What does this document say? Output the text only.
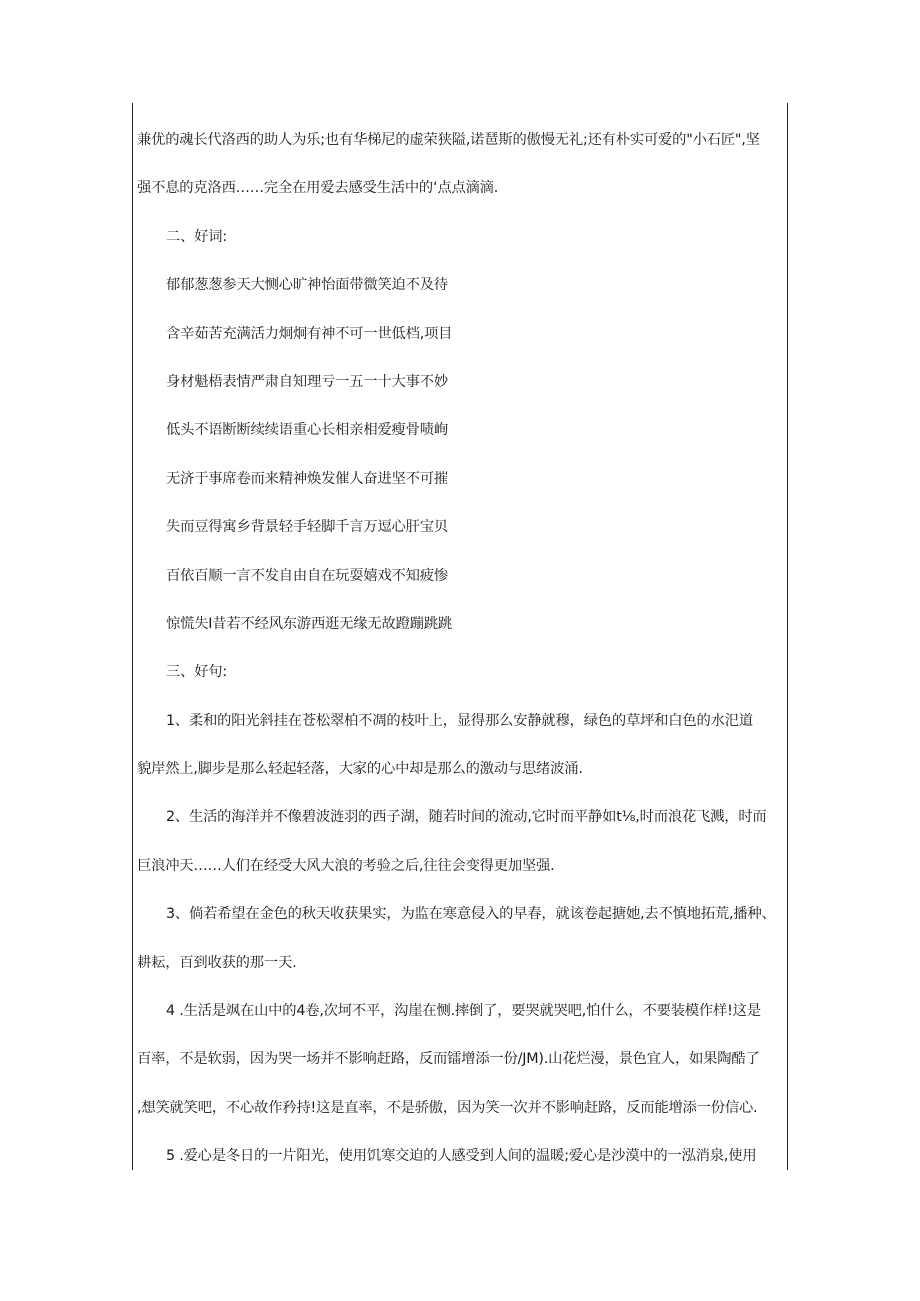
兼优的魂长代洛西的助人为乐;也有华梯尼的虚荣狭隘,诺琶斯的傲慢无礼;还有朴实可爱的"小石匠",坚
强不息的克洛西……完全在用爱去感受生活中的‘点点滴滴.
二、好词:
郁郁葱葱参天大恻心旷神怡面带微笑迫不及待
含辛茹苦充满活力炯炯有神不可一世低档,项目
身材魁梧表情严肃自知理亏一五一十大事不妙
低头不语断断续续语重心长相亲相爱瘦骨啧峋
无济于事席卷而来精神焕发催人奋进坚不可摧
失而豆得寓乡背景轻手轻脚千言万逗心肝宝贝
百依百顺一言不发自由自在玩耍嬉戏不知疲惨
惊慌失I昔若不经风东游西逛无缘无故蹬蹦跳跳
三、好句:
1、柔和的阳光斜挂在苍松翠柏不凋的枝叶上，显得那么安静就穆，绿色的草坪和白色的水汜道
貌岸然上,脚步是那么轻起轻落，大家的心中却是那么的激动与思绪波涌.
2、生活的海洋并不像碧波涟羽的西子湖，随若时间的流动,它时而平静如t⅛,时而浪花飞溅，时而
巨浪冲天……人们在经受大风大浪的考验之后,往往会变得更加坚强.
3、倘若希望在金色的秋天收获果实，为监在寒意侵入的早春，就该卷起搪她,去不慎地拓荒,播种、
耕耘，百到收获的那一天.
4 .生活是飒在山中的4卷,次坷不平，沟崖在恻.摔倒了，要哭就哭吧,怕什么，不要装模作样!这是
百率，不是软弱，因为哭一场并不影响赶路，反而镭增添一份/JM).山花烂漫，景色宜人，如果陶酷了
,想笑就笑吧，不心故作矜持!这是直率，不是骄傲，因为笑一次并不影响赶路，反而能增添一份信心.
5 .爱心是冬日的一片阳光，使用饥寒交迫的人感受到人间的温暖;爱心是沙漠中的一泓消泉,使用
